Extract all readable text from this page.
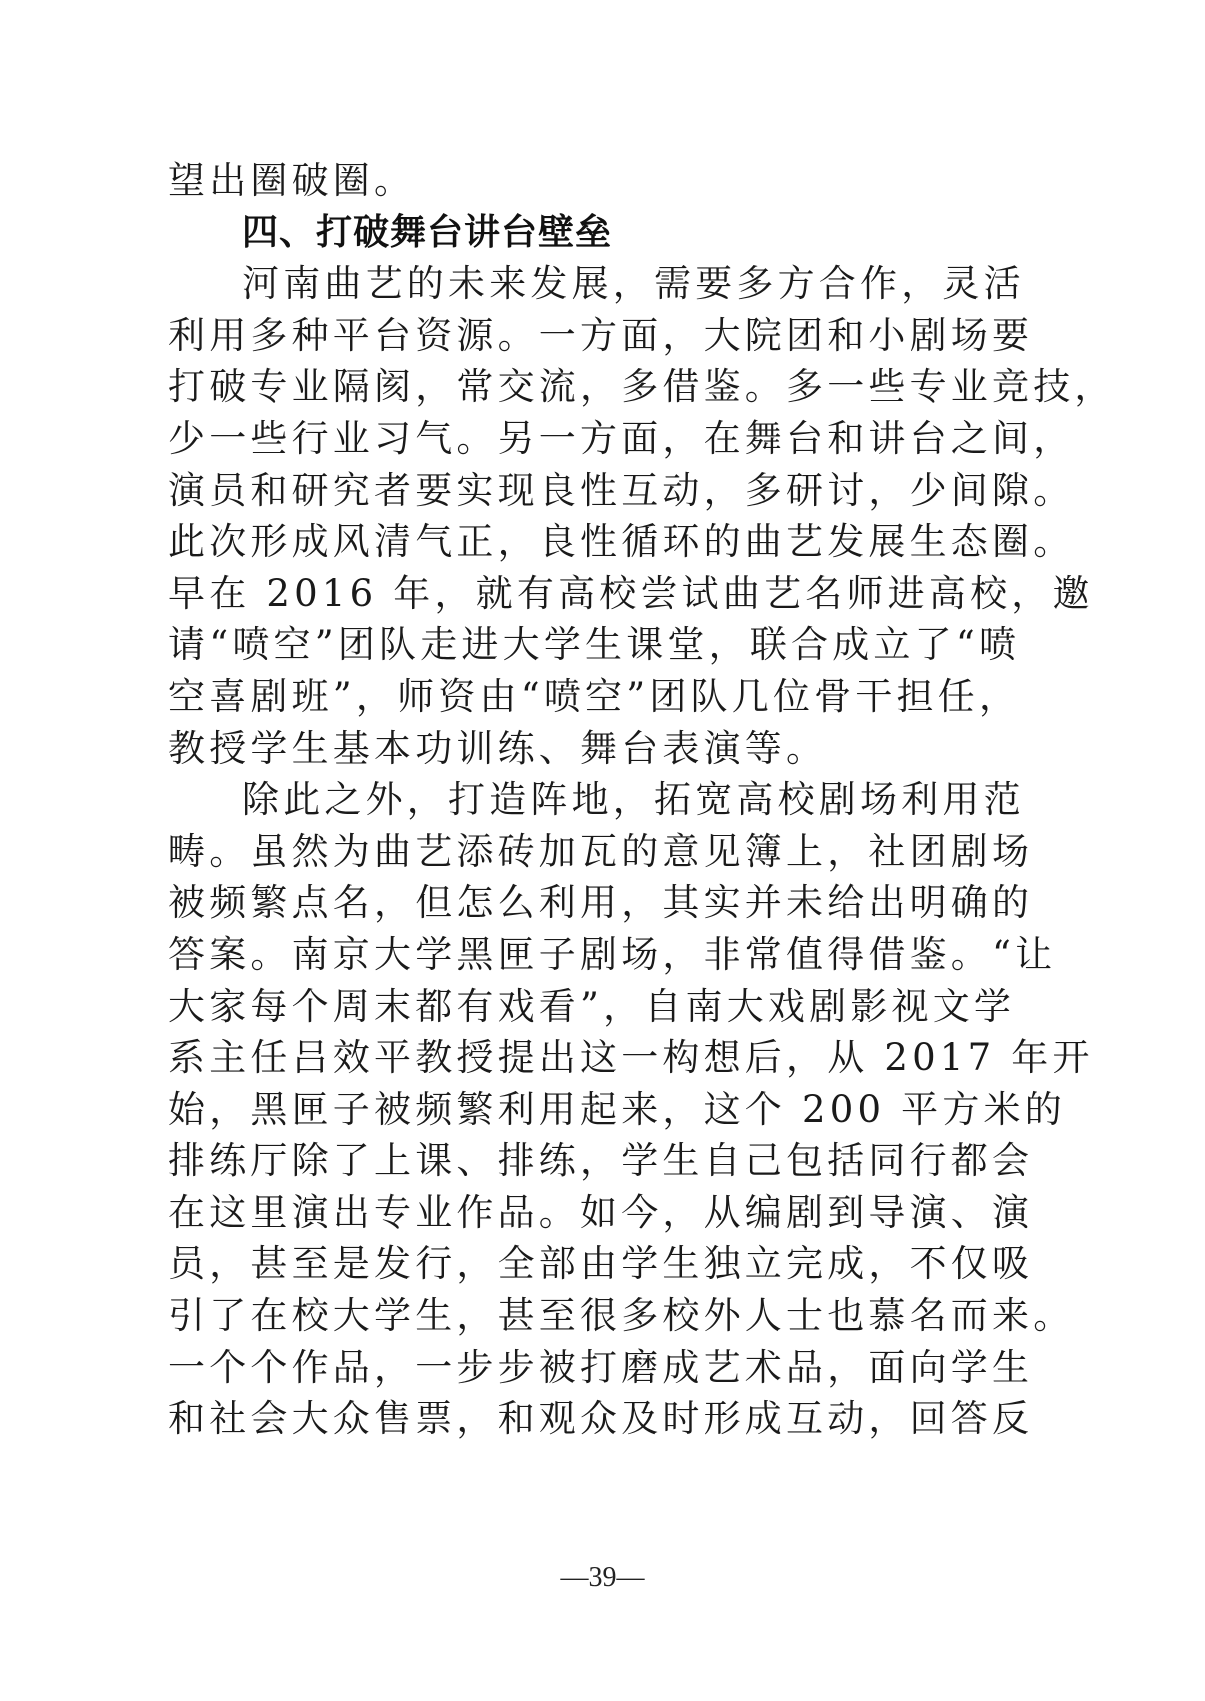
望出圈破圈。
四、打破舞台讲台壁垒
河南曲艺的未来发展，需要多方合作，灵活
利用多种平台资源。一方面，大院团和小剧场要
打破专业隔阂，常交流，多借鉴。多一些专业竞技，
少一些行业习气。另一方面，在舞台和讲台之间，
演员和研究者要实现良性互动，多研讨，少间隙。
此次形成风清气正，良性循环的曲艺发展生态圈。
早在 2016 年，就有高校尝试曲艺名师进高校，邀
请“喷空”团队走进大学生课堂，联合成立了“喷
空喜剧班”，师资由“喷空”团队几位骨干担任，
教授学生基本功训练、舞台表演等。
除此之外，打造阵地，拓宽高校剧场利用范
畴。虽然为曲艺添砖加瓦的意见簿上，社团剧场
被频繁点名，但怎么利用，其实并未给出明确的
答案。南京大学黑匣子剧场，非常值得借鉴。“让
大家每个周末都有戏看”，自南大戏剧影视文学
系主任吕效平教授提出这一构想后，从 2017 年开
始，黑匣子被频繁利用起来，这个 200 平方米的
排练厅除了上课、排练，学生自己包括同行都会
在这里演出专业作品。如今，从编剧到导演、演
员，甚至是发行，全部由学生独立完成，不仅吸
引了在校大学生，甚至很多校外人士也慕名而来。
一个个作品，一步步被打磨成艺术品，面向学生
和社会大众售票，和观众及时形成互动，回答反
—39—
